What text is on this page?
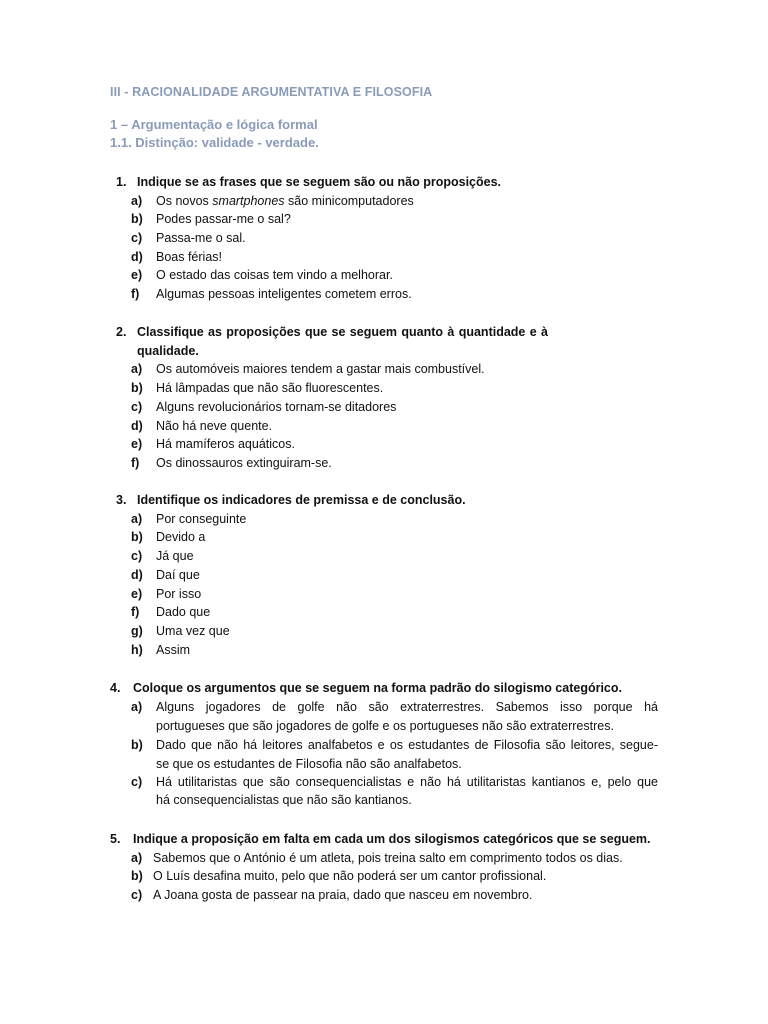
III - RACIONALIDADE ARGUMENTATIVA E FILOSOFIA
1 – Argumentação e lógica formal
1.1. Distinção: validade - verdade.
1. Indique se as frases que se seguem são ou não proposições.
a) Os novos smartphones são minicomputadores
b) Podes passar-me o sal?
c) Passa-me o sal.
d) Boas férias!
e) O estado das coisas tem vindo a melhorar.
f) Algumas pessoas inteligentes cometem erros.
2. Classifique as proposições que se seguem quanto à quantidade e à
qualidade.
a) Os automóveis maiores tendem a gastar mais combustível.
b) Há lâmpadas que não são fluorescentes.
c) Alguns revolucionários tornam-se ditadores
d) Não há neve quente.
e) Há mamíferos aquáticos.
f) Os dinossauros extinguiram-se.
3. Identifique os indicadores de premissa e de conclusão.
a) Por conseguinte
b) Devido a
c) Já que
d) Daí que
e) Por isso
f) Dado que
g) Uma vez que
h) Assim
4. Coloque os argumentos que se seguem na forma padrão do silogismo categórico.
a) Alguns jogadores de golfe não são extraterrestres. Sabemos isso porque há
portugueses que são jogadores de golfe e os portugueses não são extraterrestres.
b) Dado que não há leitores analfabetos e os estudantes de Filosofia são leitores, segue-
se que os estudantes de Filosofia não são analfabetos.
c) Há utilitaristas que são consequencialistas e não há utilitaristas kantianos e, pelo que
há consequencialistas que não são kantianos.
5. Indique a proposição em falta em cada um dos silogismos categóricos que se seguem.
a) Sabemos que o António é um atleta, pois treina salto em comprimento todos os dias.
b) O Luís desafina muito, pelo que não poderá ser um cantor profissional.
c) A Joana gosta de passear na praia, dado que nasceu em novembro.
